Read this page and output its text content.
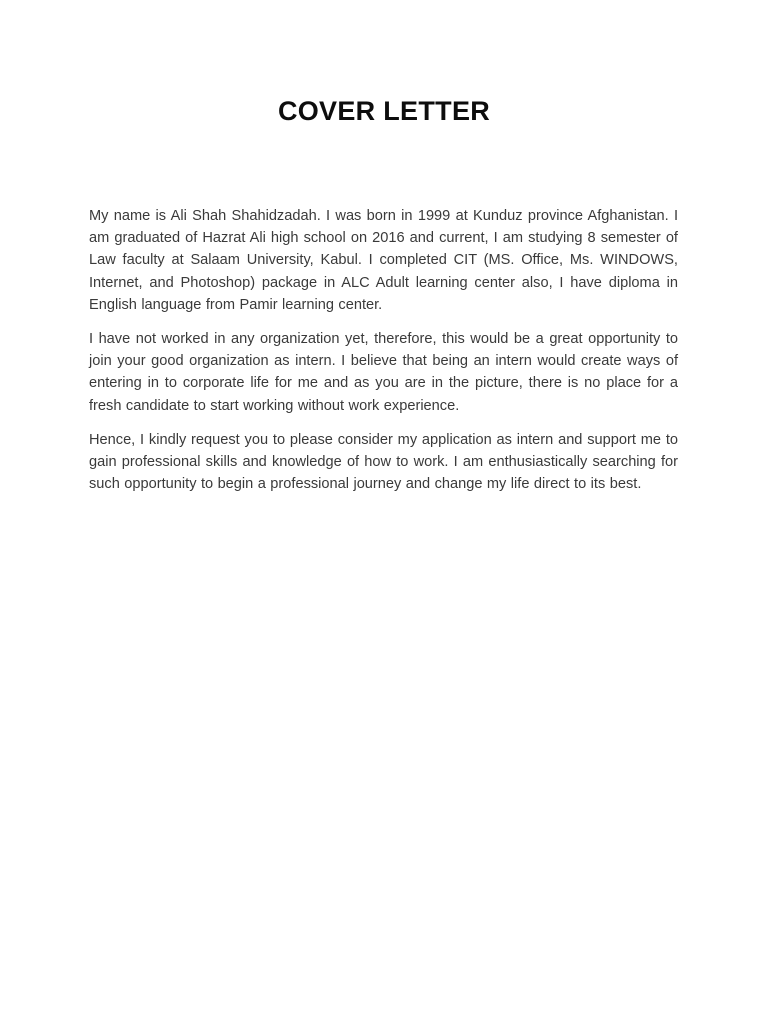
COVER LETTER

My name is Ali Shah Shahidzadah. I was born in 1999 at Kunduz province Afghanistan. I am graduated of Hazrat Ali high school on 2016 and current, I am studying 8 semester of Law faculty at Salaam University, Kabul. I completed CIT (MS. Office, Ms. WINDOWS, Internet, and Photoshop) package in ALC Adult learning center also, I have diploma in English language from Pamir learning center.

I have not worked in any organization yet, therefore, this would be a great opportunity to join your good organization as intern. I believe that being an intern would create ways of entering in to corporate life for me and as you are in the picture, there is no place for a fresh candidate to start working without work experience.

Hence, I kindly request you to please consider my application as intern and support me to gain professional skills and knowledge of how to work. I am enthusiastically searching for such opportunity to begin a professional journey and change my life direct to its best.
